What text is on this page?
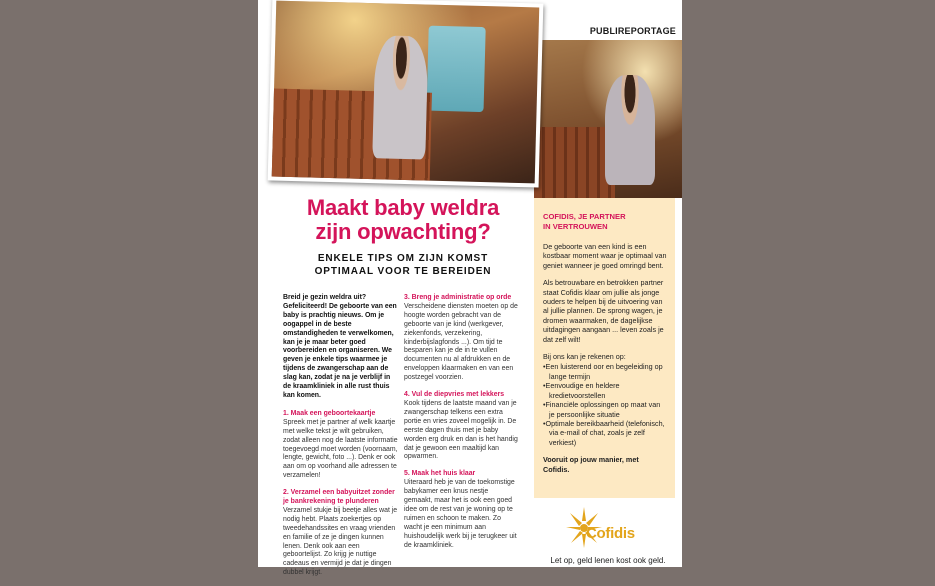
PUBLIREPORTAGE
Maakt baby weldra
zijn opwachting?
ENKELE TIPS OM ZIJN KOMST
OPTIMAAL VOOR TE BEREIDEN

Breid je gezin weldra uit? Gefeliciteerd! De geboorte van een baby is prachtig nieuws. Om je oogappel in de beste omstandigheden te verwelkomen, kan je je maar beter goed voorbereiden en organiseren. We geven je enkele tips waarmee je tijdens de zwangerschap aan de slag kan, zodat je na je verblijf in de kraamkliniek in alle rust thuis kan komen.

1. Maak een geboortekaartje

Spreek met je partner af welk kaartje met welke tekst je wilt gebruiken, zodat alleen nog de laatste informatie toegevoegd moet worden (voornaam, lengte, gewicht, foto ...). Denk er ook aan om op voorhand alle adressen te verzamelen!

2. Verzamel een babyuitzet zonder je bankrekening te plunderen

Verzamel stukje bij beetje alles wat je nodig hebt. Plaats zoekertjes op tweedehandssites en vraag vrienden en familie of ze je dingen kunnen lenen. Denk ook aan een geboortelijst. Zo krijg je nuttige cadeaus en vermijd je dat je dingen dubbel krijgt.

3. Breng je administratie op orde

Verscheidene diensten moeten op de hoogte worden gebracht van de geboorte van je kind (werkgever, ziekenfonds, verzekering, kinderbijslagfonds ...). Om tijd te besparen kan je de in te vullen documenten nu al afdrukken en de enveloppen klaarmaken en van een postzegel voorzien.

4. Vul de diepvries met lekkers

Kook tijdens de laatste maand van je zwangerschap telkens een extra portie en vries zoveel mogelijk in. De eerste dagen thuis met je baby worden erg druk en dan is het handig dat je gewoon een maaltijd kan opwarmen.

5. Maak het huis klaar

Uiteraard heb je van de toekomstige babykamer een knus nestje gemaakt, maar het is ook een goed idee om de rest van je woning op te ruimen en schoon te maken. Zo wacht je een minimum aan huishoudelijk werk bij je terugkeer uit de kraamkliniek.

COFIDIS, JE PARTNER
IN VERTROUWEN

De geboorte van een kind is een kostbaar moment waar je optimaal van geniet wanneer je goed omringd bent.

Als betrouwbare en betrokken partner staat Cofidis klaar om jullie als jonge ouders te helpen bij de uitvoering van al jullie plannen. De sprong wagen, je dromen waarmaken, de dagelijkse uitdagingen aangaan ... leven zoals je dat zelf wilt!

Bij ons kan je rekenen op:

• Een luisterend oor en begeleiding op lange termijn
• Eenvoudige en heldere kredietvoorstellen
• Financiële oplossingen op maat van je persoonlijke situatie
• Optimale bereikbaarheid (telefonisch, via e-mail of chat, zoals je zelf verkiest)

Vooruit op jouw manier, met Cofidis.

Cofidis
Let op, geld lenen kost ook geld.
